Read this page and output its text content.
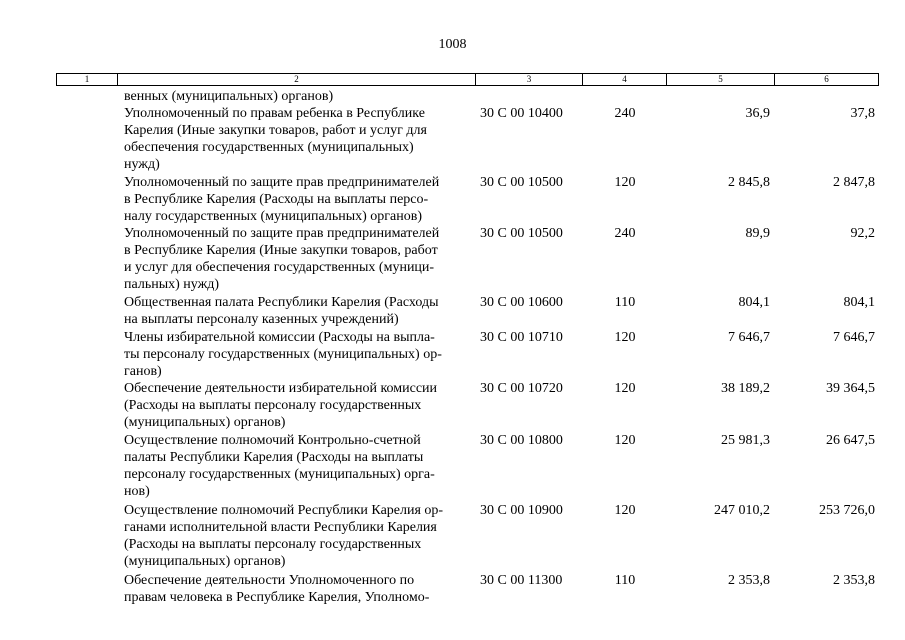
1008
1	2	3	4	5	6
венных (муниципальных) органов)
Уполномоченный по правам ребенка в Республике
Карелия (Иные закупки товаров, работ и услуг для
обеспечения государственных (муниципальных)
нужд)
30 С 00 10400	240	36,9	37,8
Уполномоченный по защите прав предпринимателей
в Республике Карелия (Расходы на выплаты персо-
налу государственных (муниципальных) органов)
30 С 00 10500	120	2 845,8	2 847,8
Уполномоченный по защите прав предпринимателей
в Республике Карелия (Иные закупки товаров, работ
и услуг для обеспечения государственных (муници-
пальных) нужд)
30 С 00 10500	240	89,9	92,2
Общественная палата Республики Карелия (Расходы
на выплаты персоналу казенных учреждений)
30 С 00 10600	110	804,1	804,1
Члены избирательной комиссии (Расходы на выпла-
ты персоналу государственных (муниципальных) ор-
ганов)
30 С 00 10710	120	7 646,7	7 646,7
Обеспечение деятельности избирательной комиссии
(Расходы на выплаты персоналу государственных
(муниципальных) органов)
30 С 00 10720	120	38 189,2	39 364,5
Осуществление полномочий Контрольно-счетной
палаты Республики Карелия (Расходы на выплаты
персоналу государственных (муниципальных) орга-
нов)
30 С 00 10800	120	25 981,3	26 647,5
Осуществление полномочий Республики Карелия ор-
ганами исполнительной власти Республики Карелия
(Расходы на выплаты персоналу государственных
(муниципальных) органов)
30 С 00 10900	120	247 010,2	253 726,0
Обеспечение деятельности Уполномоченного по
правам человека в Республике Карелия, Уполномо-
30 С 00 11300	110	2 353,8	2 353,8
